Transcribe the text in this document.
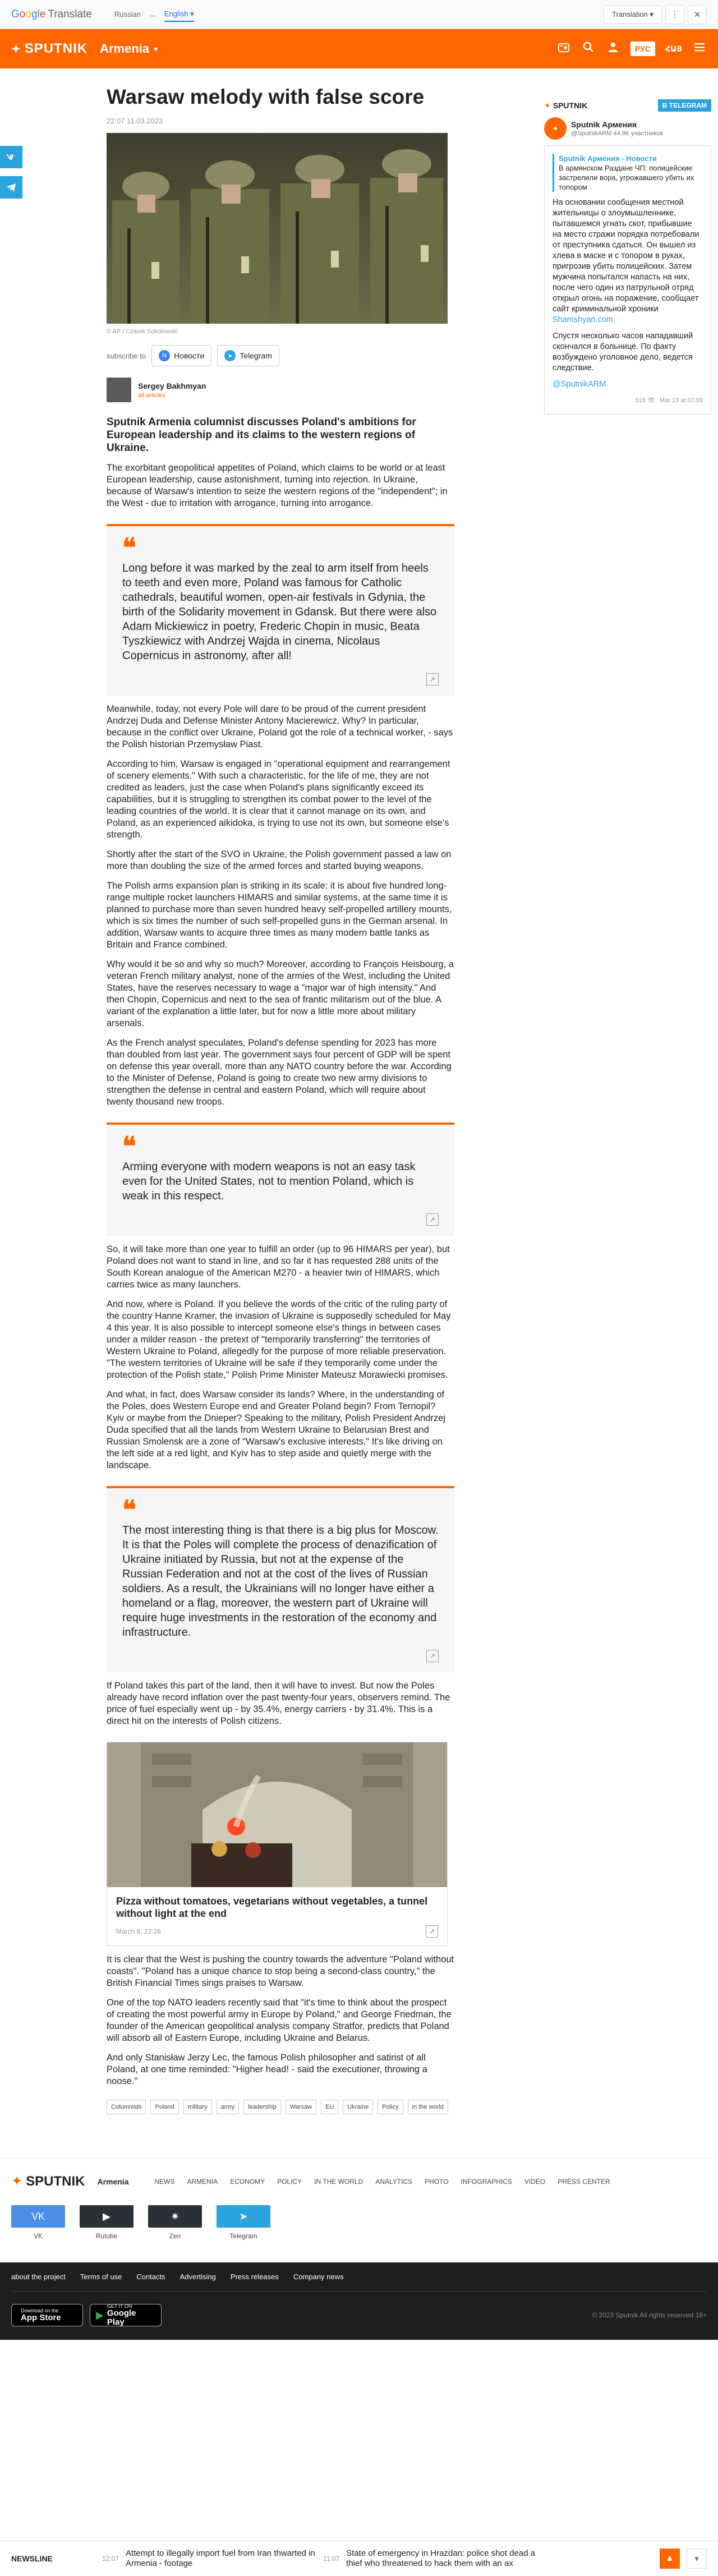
Google Translate	Russian → English ▾	Translation ▾	⋮	✕
✦ SPUTNIK Armenia ▾	РУС	ՀԱՅ
Warsaw melody with false score
22:07 11.03.2023
© AP / Czarek Sokolowski
subscribe to	N Новости	➤ Telegram
Sergey Bakhmyan
all articles
Sputnik Armenia columnist discusses Poland's ambitions for European leadership and its claims to the western regions of Ukraine.

The exorbitant geopolitical appetites of Poland, which claims to be world or at least European leadership, cause astonishment, turning into rejection. In Ukraine, because of Warsaw's intention to seize the western regions of the "independent"; in the West - due to irritation with arrogance, turning into arrogance.

❝
Long before it was marked by the zeal to arm itself from heels to teeth and even more, Poland was famous for Catholic cathedrals, beautiful women, open-air festivals in Gdynia, the birth of the Solidarity movement in Gdansk. But there were also Adam Mickiewicz in poetry, Frederic Chopin in music, Beata Tyszkiewicz with Andrzej Wajda in cinema, Nicolaus Copernicus in astronomy, after all!
↗

Meanwhile, today, not every Pole will dare to be proud of the current president Andrzej Duda and Defense Minister Antony Macierewicz. Why? In particular, because in the conflict over Ukraine, Poland got the role of a technical worker, - says the Polish historian Przemysław Piast.

According to him, Warsaw is engaged in "operational equipment and rearrangement of scenery elements." With such a characteristic, for the life of me, they are not credited as leaders, just the case when Poland's plans significantly exceed its capabilities, but it is struggling to strengthen its combat power to the level of the leading countries of the world. It is clear that it cannot manage on its own, and Poland, as an experienced aikidoka, is trying to use not its own, but someone else's strength.

Shortly after the start of the SVO in Ukraine, the Polish government passed a law on more than doubling the size of the armed forces and started buying weapons.

The Polish arms expansion plan is striking in its scale: it is about five hundred long-range multiple rocket launchers HIMARS and similar systems, at the same time it is planned to purchase more than seven hundred heavy self-propelled artillery mounts, which is six times the number of such self-propelled guns in the German arsenal. In addition, Warsaw wants to acquire three times as many modern battle tanks as Britain and France combined.

Why would it be so and why so much? Moreover, according to François Heisbourg, a veteran French military analyst, none of the armies of the West, including the United States, have the reserves necessary to wage a "major war of high intensity." And then Chopin, Copernicus and next to the sea of frantic militarism out of the blue. A variant of the explanation a little later, but for now a little more about military arsenals.

As the French analyst speculates, Poland's defense spending for 2023 has more than doubled from last year. The government says four percent of GDP will be spent on defense this year overall, more than any NATO country before the war. According to the Minister of Defense, Poland is going to create two new army divisions to strengthen the defense in central and eastern Poland, which will require about twenty thousand new troops.

❝
Arming everyone with modern weapons is not an easy task even for the United States, not to mention Poland, which is weak in this respect.
↗

So, it will take more than one year to fulfill an order (up to 96 HIMARS per year), but Poland does not want to stand in line, and so far it has requested 288 units of the South Korean analogue of the American M270 - a heavier twin of HIMARS, which carries twice as many launchers.

And now, where is Poland. If you believe the words of the critic of the ruling party of the country Hanne Kramer, the invasion of Ukraine is supposedly scheduled for May 4 this year. It is also possible to intercept someone else's things in between cases under a milder reason - the pretext of "temporarily transferring" the territories of Western Ukraine to Poland, allegedly for the purpose of more reliable preservation. "The western territories of Ukraine will be safe if they temporarily come under the protection of the Polish state," Polish Prime Minister Mateusz Morawiecki promises.

And what, in fact, does Warsaw consider its lands? Where, in the understanding of the Poles, does Western Europe end and Greater Poland begin? From Ternopil? Kyiv or maybe from the Dnieper? Speaking to the military, Polish President Andrzej Duda specified that all the lands from Western Ukraine to Belarusian Brest and Russian Smolensk are a zone of "Warsaw's exclusive interests." It's like driving on the left side at a red light, and Kyiv has to step aside and quietly merge with the landscape.

❝
The most interesting thing is that there is a big plus for Moscow. It is that the Poles will complete the process of denazification of Ukraine initiated by Russia, but not at the expense of the Russian Federation and not at the cost of the lives of Russian soldiers. As a result, the Ukrainians will no longer have either a homeland or a flag, moreover, the western part of Ukraine will require huge investments in the restoration of the economy and infrastructure.
↗

If Poland takes this part of the land, then it will have to invest. But now the Poles already have record inflation over the past twenty-four years, observers remind. The price of fuel especially went up - by 35.4%, energy carriers - by 31.4%. This is a direct hit on the interests of Polish citizens.

Pizza without tomatoes, vegetarians without vegetables, a tunnel without light at the end
March 8, 22:26	↗

It is clear that the West is pushing the country towards the adventure "Poland without coasts". "Poland has a unique chance to stop being a second-class country," the British Financial Times sings praises to Warsaw.

One of the top NATO leaders recently said that "it's time to think about the prospect of creating the most powerful army in Europe by Poland," and George Friedman, the founder of the American geopolitical analysis company Stratfor, predicts that Poland will absorb all of Eastern Europe, including Ukraine and Belarus.

And only Stanisław Jerzy Lec, the famous Polish philosopher and satirist of all Poland, at one time reminded: "Higher head! - said the executioner, throwing a noose."

Columnists	Poland	military	army	leadership	Warsaw	EU	Ukraine	Policy	in the world
✦ SPUTNIK	В TELEGRAM
✦	Sputnik Армения
@SputnikARM 44.9K участников
Sputnik Армения - Новости
В армянском Раздане ЧП: полицейские застрелили вора, угрожавшего убить их топором

На основании сообщения местной жительницы о злоумышленнике, пытавшемся угнать скот, прибывшие на место стражи порядка потребовали от преступника сдаться. Он вышел из хлева в маске и с топором в руках, пригрозив убить полицейских. Затем мужчина попытался напасть на них, после чего один из патрульной отряд открыл огонь на поражение, сообщает сайт криминальной хроники Shamshyan.com.

Спустя несколько часов нападавший скончался в больнице. По факту возбуждено уголовное дело, ведется следствие.

@SputnikARM

518 👁 Mar 13 at 07:59
✦ SPUTNIK Armenia	NEWS ARMENIA ECONOMY POLICY IN THE WORLD ANALYTICS PHOTO INFOGRAPHICS VIDEO PRESS CENTER
VK
VK
▶
Rutube
✷
Zen
➤
Telegram
about the project Terms of use Contacts Advertising Press releases Company news
Download on the
App Store	▶
GET IT ON
Google Play
© 2023 Sputnik All rights reserved 18+
NEWSLINE	12:07
Attempt to illegally import fuel from Iran thwarted in Armenia - footage	11:07
State of emergency in Hrazdan: police shot dead a thief who threatened to hack them with an ax
▲	▾
